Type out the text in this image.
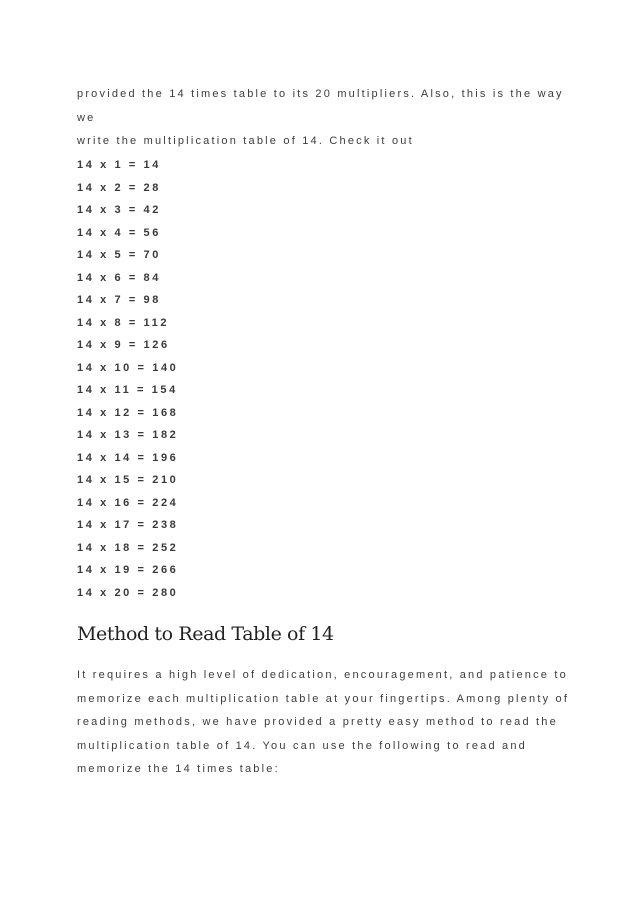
provided the 14 times table to its 20 multipliers. Also, this is the way we

write the multiplication table of 14. Check it out

14 x 1 = 14
14 x 2 = 28
14 x 3 = 42
14 x 4 = 56
14 x 5 = 70
14 x 6 = 84
14 x 7 = 98
14 x 8 = 112
14 x 9 = 126
14 x 10 = 140
14 x 11 = 154
14 x 12 = 168
14 x 13 = 182
14 x 14 = 196
14 x 15 = 210
14 x 16 = 224
14 x 17 = 238
14 x 18 = 252
14 x 19 = 266
14 x 20 = 280
Method to Read Table of 14

It requires a high level of dedication, encouragement, and patience to

memorize each multiplication table at your fingertips. Among plenty of

reading methods, we have provided a pretty easy method to read the

multiplication table of 14. You can use the following to read and

memorize the 14 times table:
